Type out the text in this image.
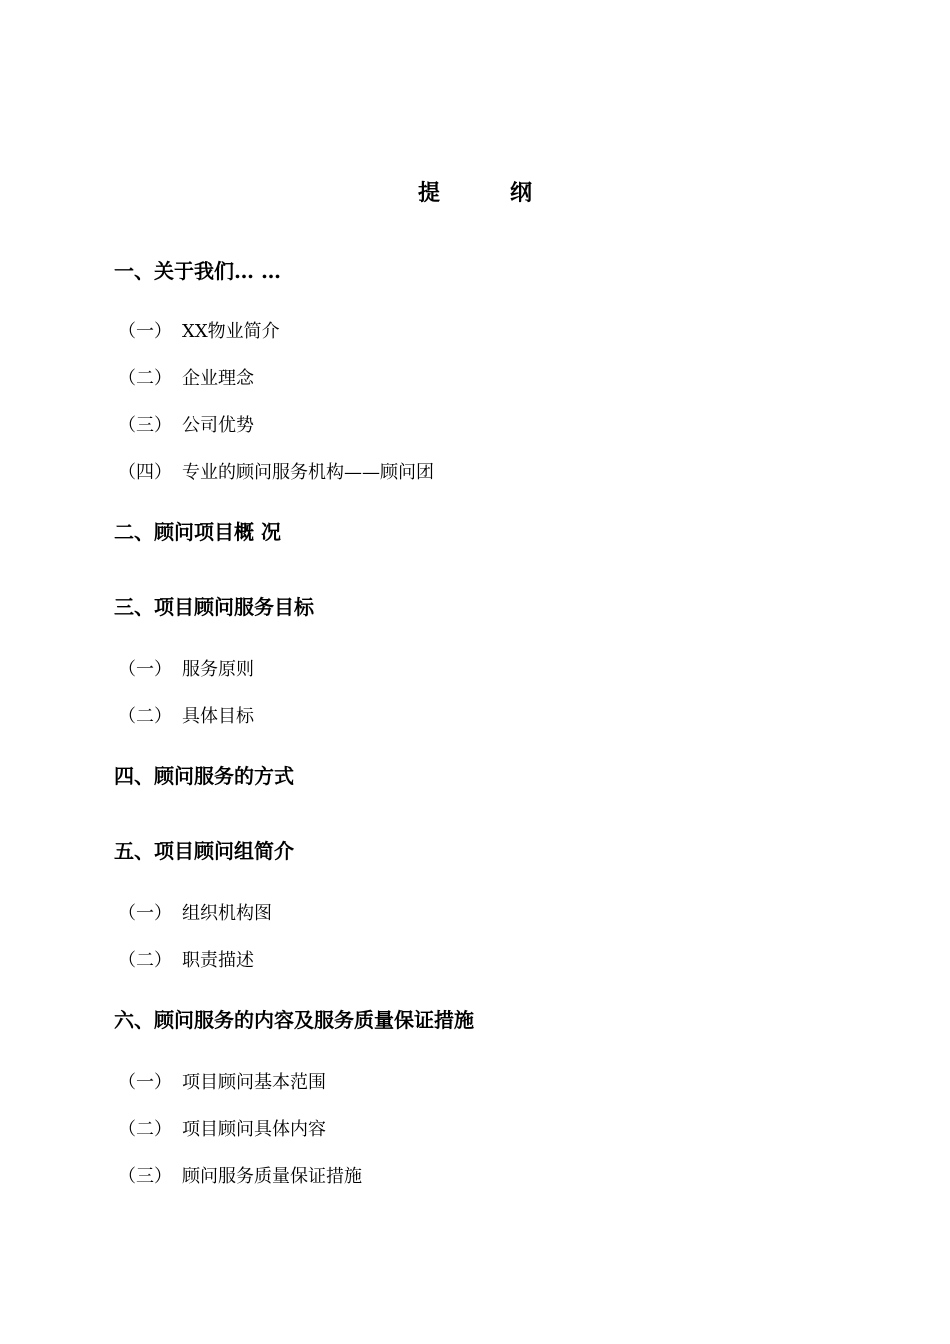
提	纲
一、关于我们… …
（一） XX物业简介
（二） 企业理念
（三） 公司优势
（四） 专业的顾问服务机构——顾问团
二、顾问项目概 况
三、项目顾问服务目标
（一） 服务原则
（二） 具体目标
四、顾问服务的方式
五、项目顾问组简介
（一） 组织机构图
（二） 职责描述
六、顾问服务的内容及服务质量保证措施
（一） 项目顾问基本范围
（二） 项目顾问具体内容
（三） 顾问服务质量保证措施
